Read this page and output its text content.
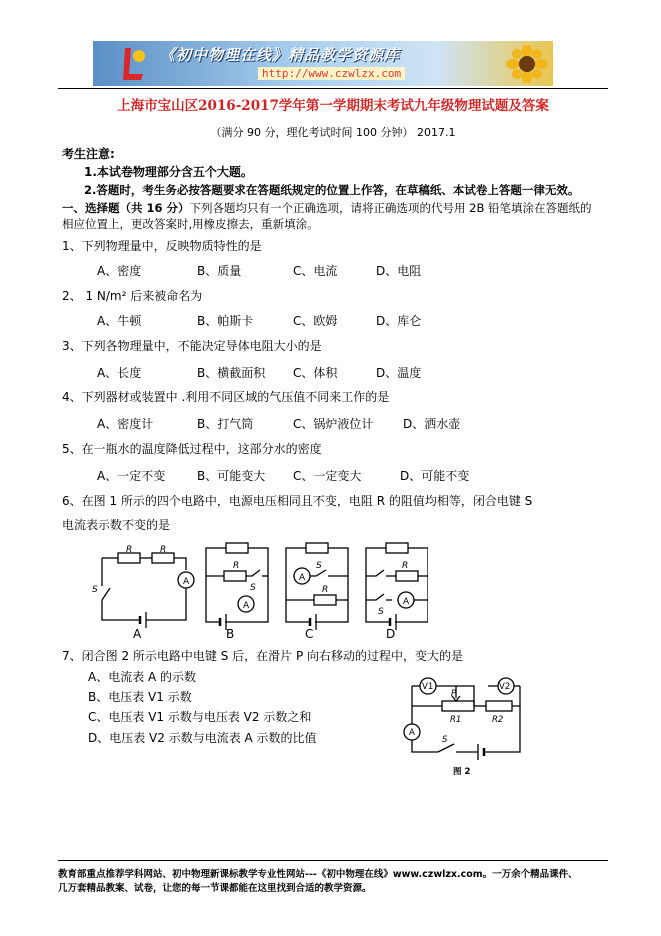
《初中物理在线》精品教学资源库
http://www.czwlzx.com
上海市宝山区2016-2017学年第一学期期末考试九年级物理试题及答案
（满分 90 分，理化考试时间 100 分钟） 2017.1
考生注意:
1.本试卷物理部分含五个大题。
2.答题时，考生务必按答题要求在答题纸规定的位置上作答，在草稿纸、本试卷上答题一律无效。
一、选择题（共 16 分）下列各题均只有一个正确选项，请将正确选项的代号用 2B 铅笔填涂在答题纸的
相应位置上，更改答案时,用橡皮擦去，重新填涂。
1、下列物理量中，反映物质特性的是
A、密度	B、质量	C、电流	D、电阻
2、 1 N/m² 后来被命名为
A、牛顿	B、帕斯卡	C、欧姆	D、库仑
3、下列各物理量中，不能决定导体电阻大小的是
A、长度	B、横截面积 C、体积	D、温度
4、下列器材或装置中 .利用不同区域的气压值不同来工作的是
A、密度计	B、打气筒	C、锅炉液位计 D、洒水壶
5、在一瓶水的温度降低过程中，这部分水的密度
A、一定不变	B、可能变大 C、一定变大	D、可能不变
6、在图 1 所示的四个电路中，电源电压相同且不变，电阻 R 的阻值均相等，闭合电键 S
电流表示数不变的是
R	R
A
S
R
S
A
A
S
R
R
S
A
A	B	C	D
7、闭合图 2 所示电路中电键 S 后，在滑片 P 向右移动的过程中，变大的是
A、电流表 A 的示数
B、电压表 V1 示数
C、电压表 V1 示数与电压表 V2 示数之和
D、电压表 V2 示数与电流表 A 示数的比值
V1	V2
P
R1	R2
A
S
图 2
教育部重点推荐学科网站、初中物理新课标教学专业性网站---《初中物理在线》www.czwlzx.com。一万余个精品课件、
几万套精品教案、试卷，让您的每一节课都能在这里找到合适的教学资源。
